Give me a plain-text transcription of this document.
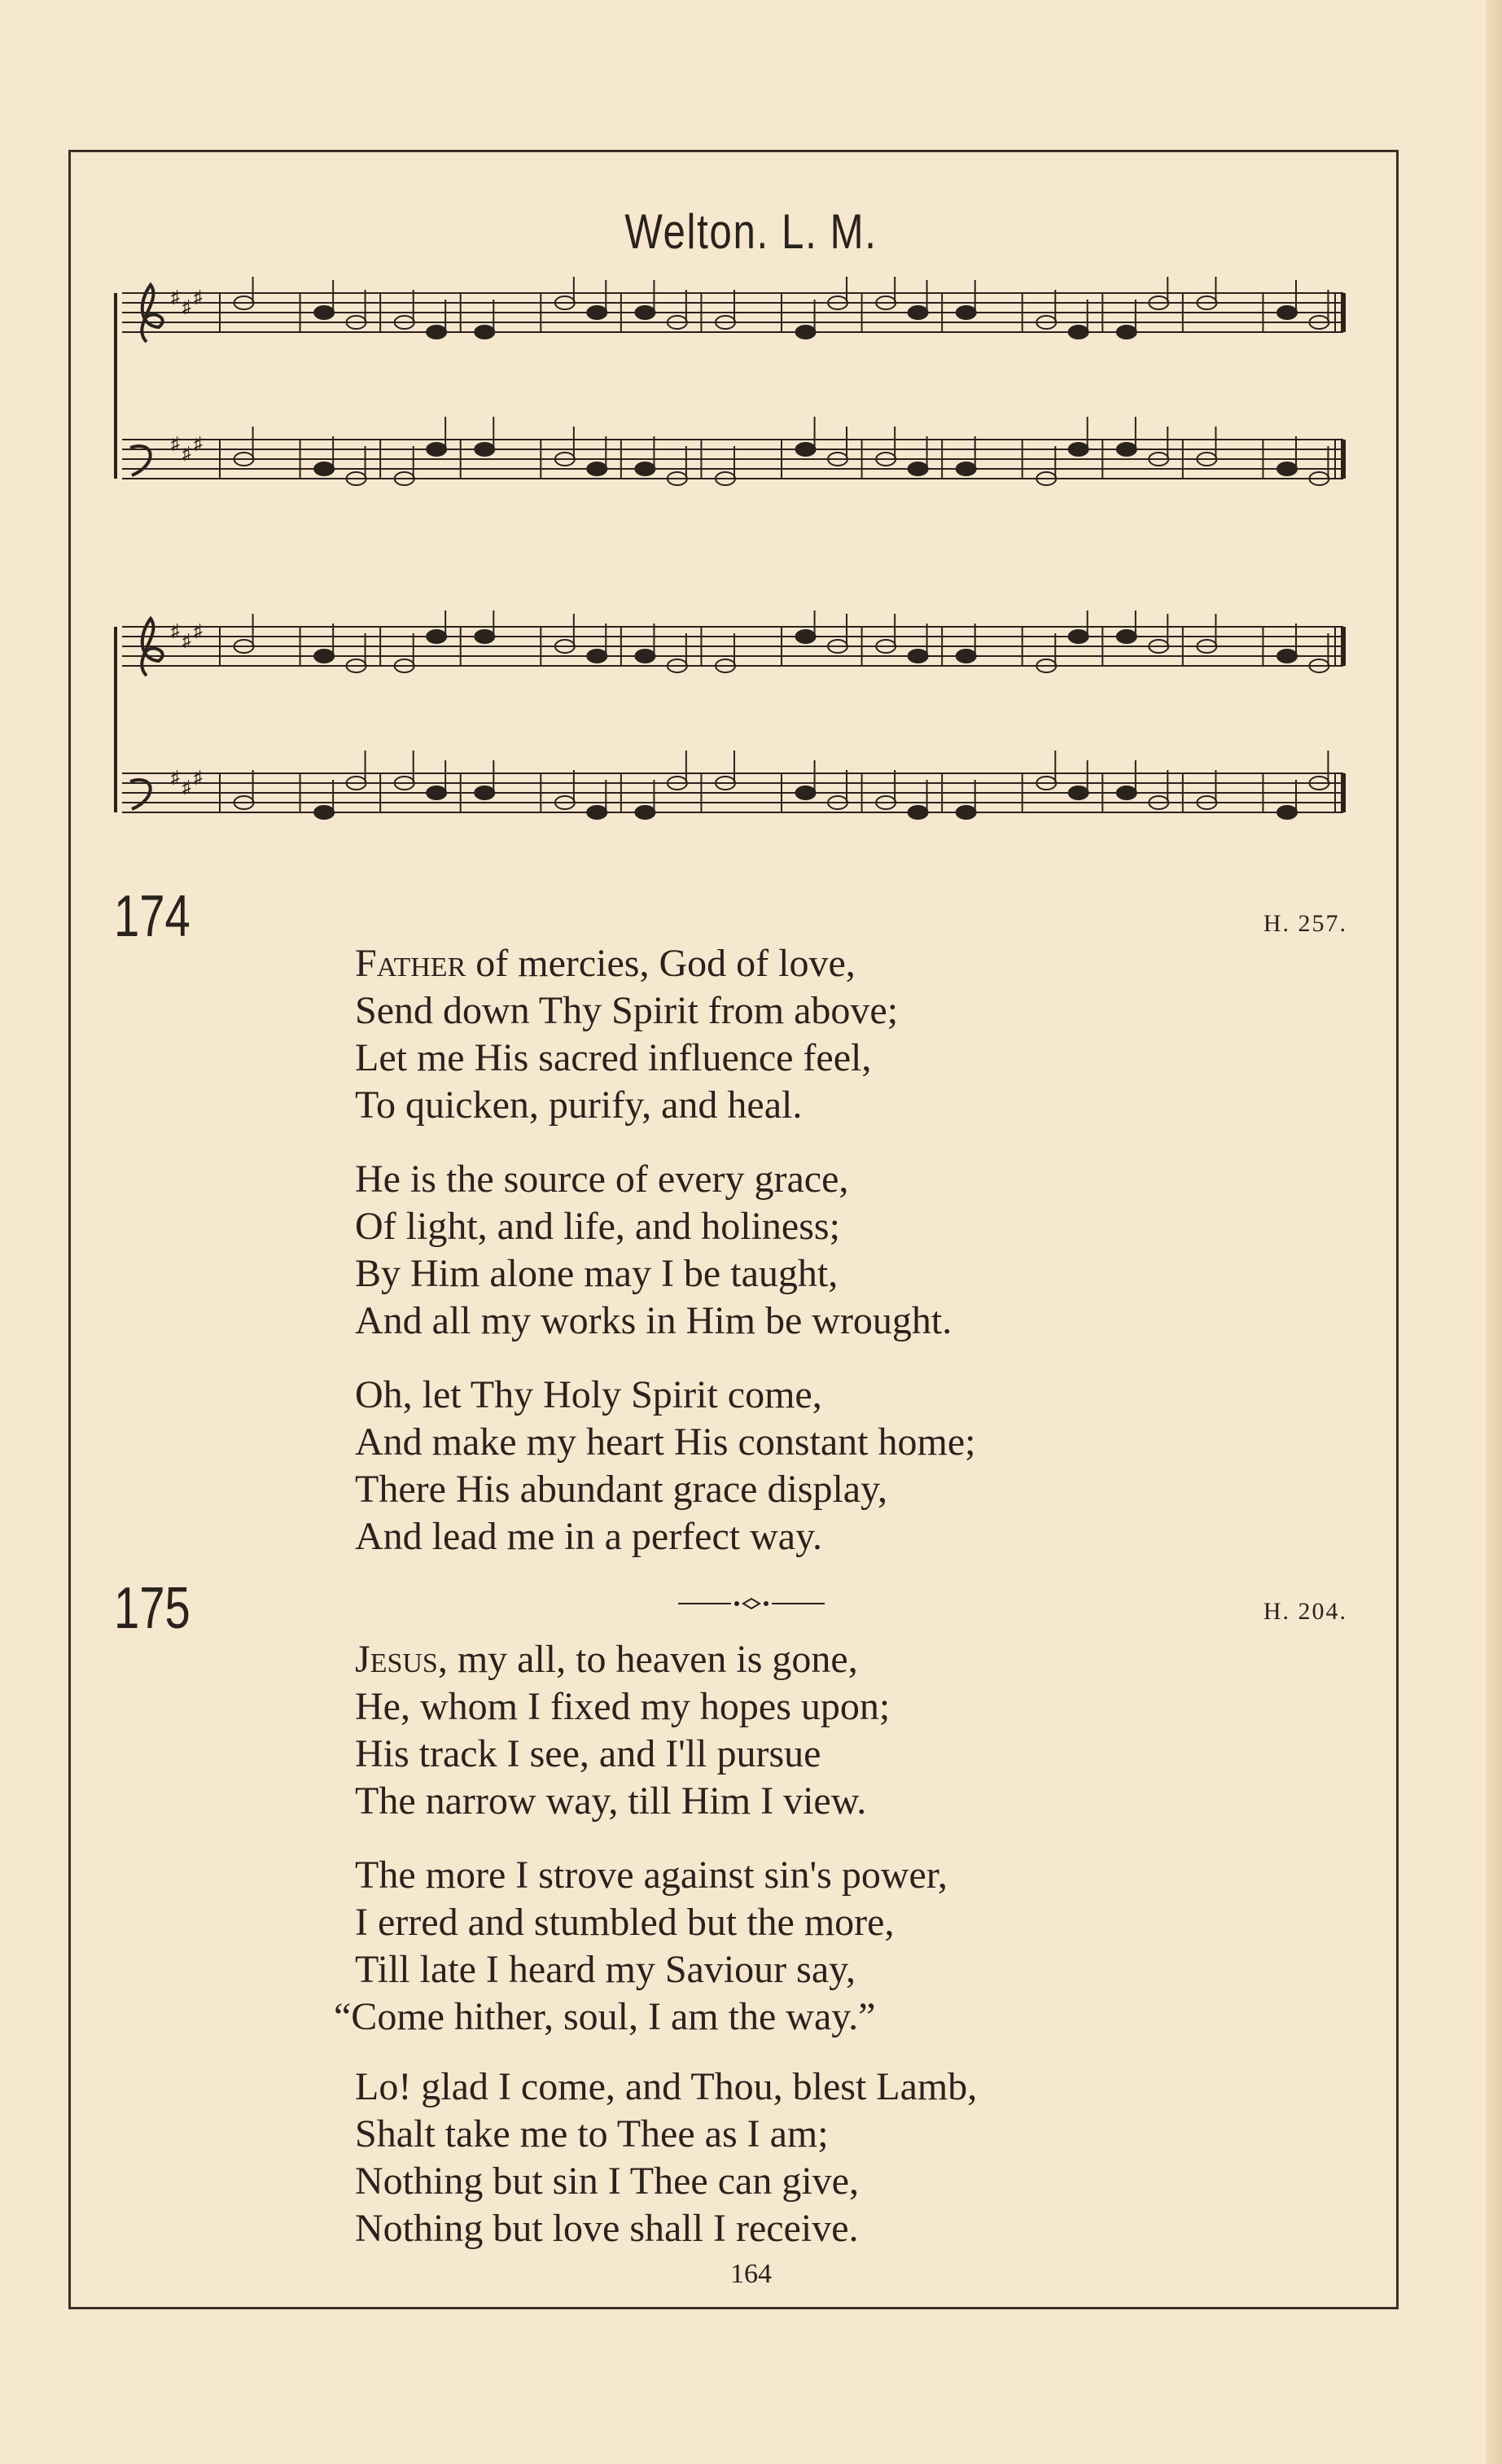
Welton. L. M.
♯ ♯ ♯
♯ ♯ ♯
♯ ♯ ♯
♯ ♯ ♯
174	H. 257.
Father of mercies, God of love,
Send down Thy Spirit from above;
Let me His sacred influence feel,
To quicken, purify, and heal.
He is the source of every grace,
Of light, and life, and holiness;
By Him alone may I be taught,
And all my works in Him be wrought.
Oh, let Thy Holy Spirit come,
And make my heart His constant home;
There His abundant grace display,
And lead me in a perfect way.
175	H. 204.
Jesus, my all, to heaven is gone,
He, whom I fixed my hopes upon;
His track I see, and I'll pursue
The narrow way, till Him I view.
The more I strove against sin's power,
I erred and stumbled but the more,
Till late I heard my Saviour say,
“Come hither, soul, I am the way.”
Lo! glad I come, and Thou, blest Lamb,
Shalt take me to Thee as I am;
Nothing but sin I Thee can give,
Nothing but love shall I receive.
164
